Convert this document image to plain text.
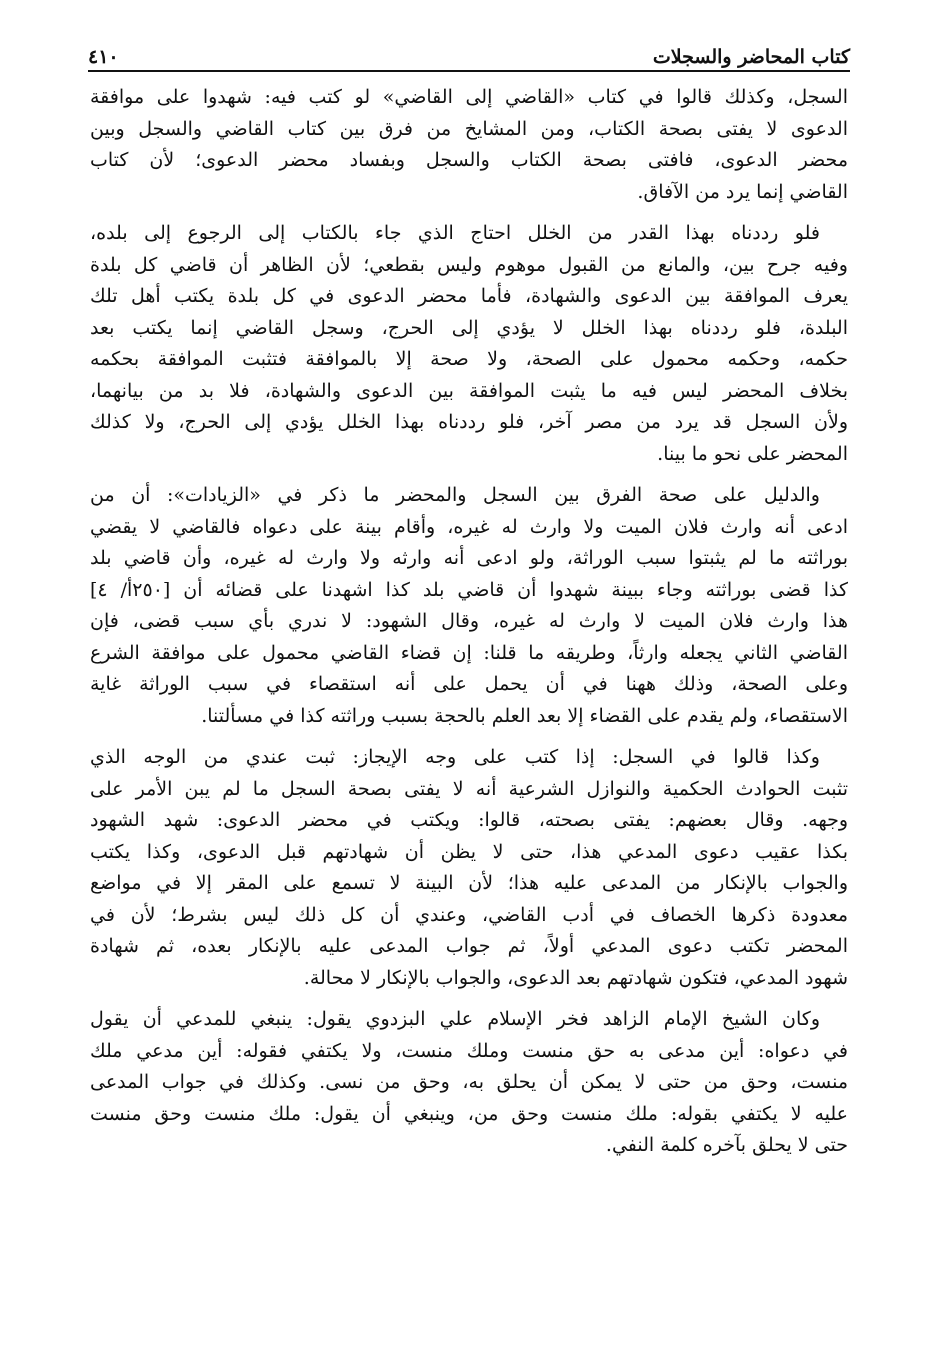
كتاب المحاضر والسجلات
٤١٠
السجل، وكذلك قالوا في كتاب «القاضي إلى القاضي» لو كتب فيه: شهدوا على موافقة
الدعوى لا يفتى بصحة الكتاب، ومن المشايخ من فرق بين كتاب القاضي والسجل وبين
محضر الدعوى، فافتى بصحة الكتاب والسجل وبفساد محضر الدعوى؛ لأن كتاب
القاضي إنما يرد من الآفاق.
فلو رددناه بهذا القدر من الخلل احتاج الذي جاء بالكتاب إلى الرجوع إلى بلده،
وفيه جرح بين، والمانع من القبول موهوم وليس بقطعي؛ لأن الظاهر أن قاضي كل بلدة
يعرف الموافقة بين الدعوى والشهادة، فأما محضر الدعوى في كل بلدة يكتب أهل تلك
البلدة، فلو رددناه بهذا الخلل لا يؤدي إلى الحرج، وسجل القاضي إنما يكتب بعد
حكمه، وحكمه محمول على الصحة، ولا صحة إلا بالموافقة فتثبت الموافقة بحكمه
بخلاف المحضر ليس فيه ما يثبت الموافقة بين الدعوى والشهادة، فلا بد من بيانهما،
ولأن السجل قد يرد من مصر آخر، فلو رددناه بهذا الخلل يؤدي إلى الحرج، ولا كذلك
المحضر على نحو ما بينا.
والدليل على صحة الفرق بين السجل والمحضر ما ذكر في «الزيادات»: أن من
ادعى أنه وارث فلان الميت ولا وارث له غيره، وأقام بينة على دعواه فالقاضي لا يقضي
بوراثته ما لم يثبتوا سبب الوراثة، ولو ادعى أنه وارثه ولا وارث له غيره، وأن قاضي بلد
كذا قضى بوراثته وجاء ببينة شهدوا أن قاضي بلد كذا اشهدنا على قضائه أن [٢٥٠أ/ ٤]
هذا وارث فلان الميت لا وارث له غيره، وقال الشهود: لا ندري بأي سبب قضى، فإن
القاضي الثاني يجعله وارثاً، وطريقه ما قلنا: إن قضاء القاضي محمول على موافقة الشرع
وعلى الصحة، وذلك ههنا في أن يحمل على أنه استقصاء في سبب الوراثة غاية
الاستقصاء، ولم يقدم على القضاء إلا بعد العلم بالحجة بسبب وراثته كذا في مسألتنا.
وكذا قالوا في السجل: إذا كتب على وجه الإيجاز: ثبت عندي من الوجه الذي
تثبت الحوادث الحكمية والنوازل الشرعية أنه لا يفتى بصحة السجل ما لم يبن الأمر على
وجهه. وقال بعضهم: يفتى بصحته، قالوا: ويكتب في محضر الدعوى: شهد الشهود
بكذا عقيب دعوى المدعي هذا، حتى لا يظن أن شهادتهم قبل الدعوى، وكذا يكتب
والجواب بالإنكار من المدعى عليه هذا؛ لأن البينة لا تسمع على المقر إلا في مواضع
معدودة ذكرها الخصاف في أدب القاضي، وعندي أن كل ذلك ليس بشرط؛ لأن في
المحضر تكتب دعوى المدعي أولاً، ثم جواب المدعى عليه بالإنكار بعده، ثم شهادة
شهود المدعي، فتكون شهادتهم بعد الدعوى، والجواب بالإنكار لا محالة.
وكان الشيخ الإمام الزاهد فخر الإسلام علي البزدوي يقول: ينبغي للمدعي أن يقول
في دعواه: أين مدعى به حق منست وملك منست، ولا يكتفي فقوله: أين مدعي ملك
منست، وحق من حتى لا يمكن أن يحلق به، وحق من نسى. وكذلك في جواب المدعى
عليه لا يكتفي بقوله: ملك منست وحق من، وينبغي أن يقول: ملك منست وحق منست
حتى لا يحلق بآخره كلمة النفي.
